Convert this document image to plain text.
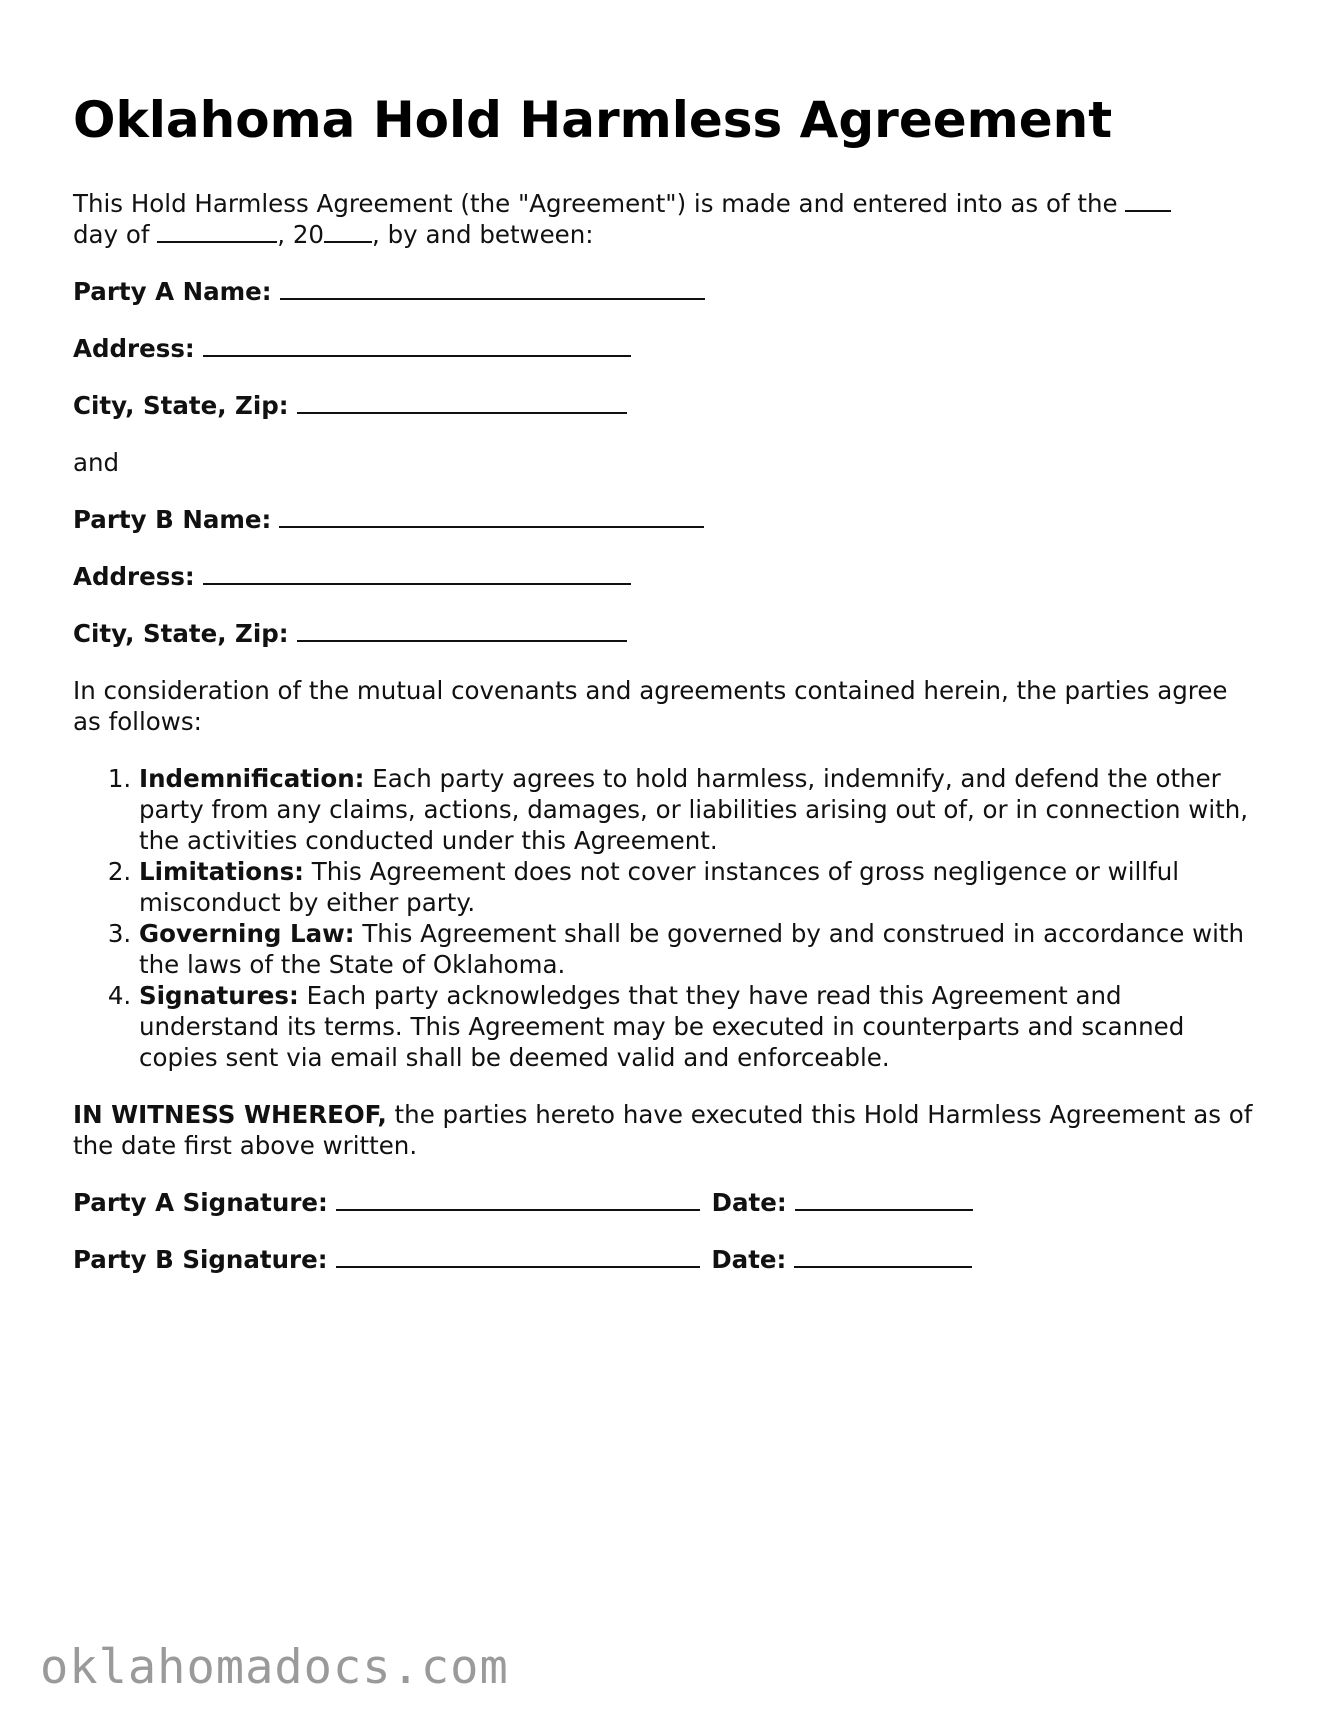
Oklahoma Hold Harmless Agreement

This Hold Harmless Agreement (the "Agreement") is made and entered into as of the
day of	, 20 , by and between:

Party A Name:
Address:
City, State, Zip:

and

Party B Name:
Address:
City, State, Zip:

In consideration of the mutual covenants and agreements contained herein, the parties agree as follows:

1. Indemnification: Each party agrees to hold harmless, indemnify, and defend the other party from any claims, actions, damages, or liabilities arising out of, or in connection with, the activities conducted under this Agreement.
2. Limitations: This Agreement does not cover instances of gross negligence or willful misconduct by either party.
3. Governing Law: This Agreement shall be governed by and construed in accordance with the laws of the State of Oklahoma.
4. Signatures: Each party acknowledges that they have read this Agreement and understand its terms. This Agreement may be executed in counterparts and scanned copies sent via email shall be deemed valid and enforceable.

IN WITNESS WHEREOF, the parties hereto have executed this Hold Harmless Agreement as of the date first above written.

Party A Signature:	Date:
Party B Signature:	Date:
oklahomadocs.com
